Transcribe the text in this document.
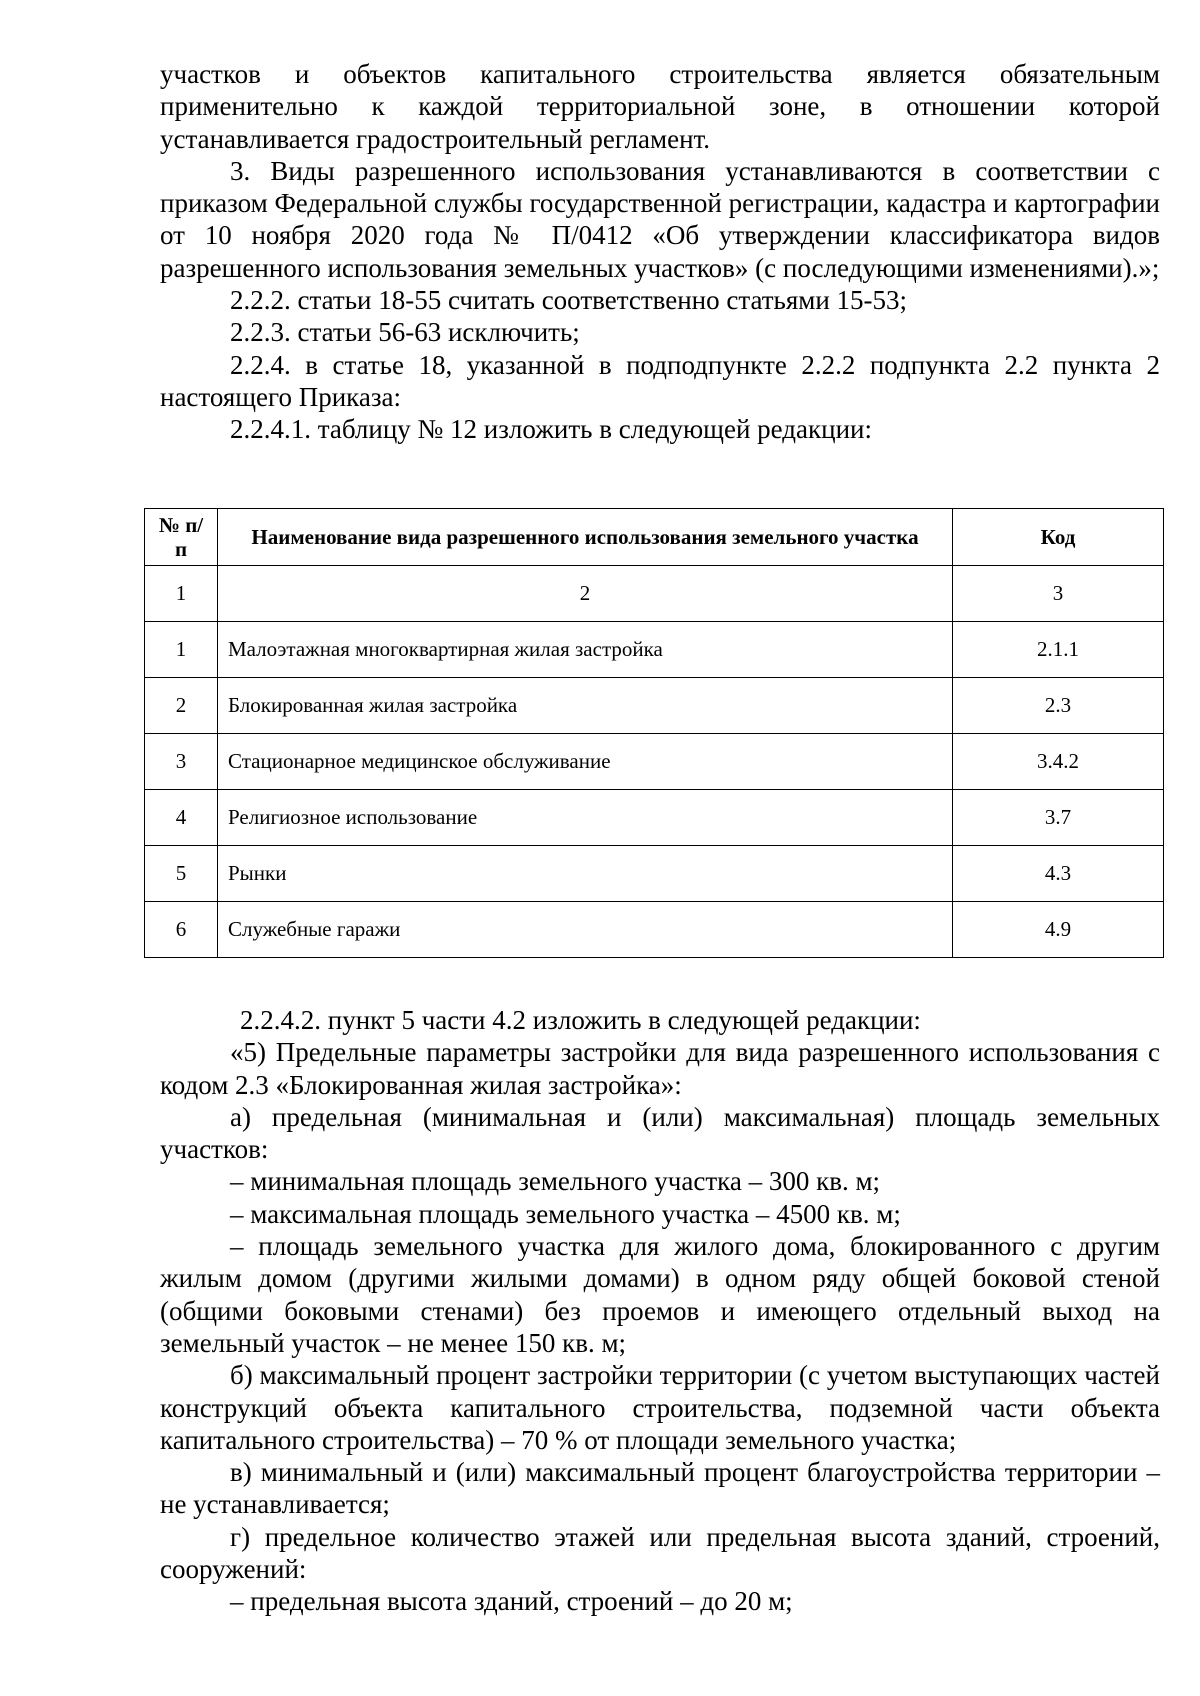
участков и объектов капитального строительства является обязательным применительно к каждой территориальной зоне, в отношении которой устанавливается градостроительный регламент.

3. Виды разрешенного использования устанавливаются в соответствии с приказом Федеральной службы государственной регистрации, кадастра и картографии от 10 ноября 2020 года № П/0412 «Об утверждении классификатора видов разрешенного использования земельных участков» (с последующими изменениями).»;

2.2.2. статьи 18-55 считать соответственно статьями 15-53;

2.2.3. статьи 56-63 исключить;

2.2.4. в статье 18, указанной в подподпункте 2.2.2 подпункта 2.2 пункта 2 настоящего Приказа:

2.2.4.1. таблицу № 12 изложить в следующей редакции:

№ п/п	Наименование вида разрешенного использования земельного участка	Код
1	2	3
1	Малоэтажная многоквартирная жилая застройка	2.1.1
2	Блокированная жилая застройка	2.3
3	Стационарное медицинское обслуживание	3.4.2
4	Религиозное использование	3.7
5	Рынки	4.3
6	Служебные гаражи	4.9

2.2.4.2. пункт 5 части 4.2 изложить в следующей редакции:

«5) Предельные параметры застройки для вида разрешенного использования с кодом 2.3 «Блокированная жилая застройка»:

а) предельная (минимальная и (или) максимальная) площадь земельных участков:

– минимальная площадь земельного участка – 300 кв. м;

– максимальная площадь земельного участка – 4500 кв. м;

– площадь земельного участка для жилого дома, блокированного с другим жилым домом (другими жилыми домами) в одном ряду общей боковой стеной (общими боковыми стенами) без проемов и имеющего отдельный выход на земельный участок – не менее 150 кв. м;

б) максимальный процент застройки территории (с учетом выступающих частей конструкций объекта капитального строительства, подземной части объекта капитального строительства) – 70 % от площади земельного участка;

в) минимальный и (или) максимальный процент благоустройства территории – не устанавливается;

г) предельное количество этажей или предельная высота зданий, строений, сооружений:

– предельная высота зданий, строений – до 20 м;
